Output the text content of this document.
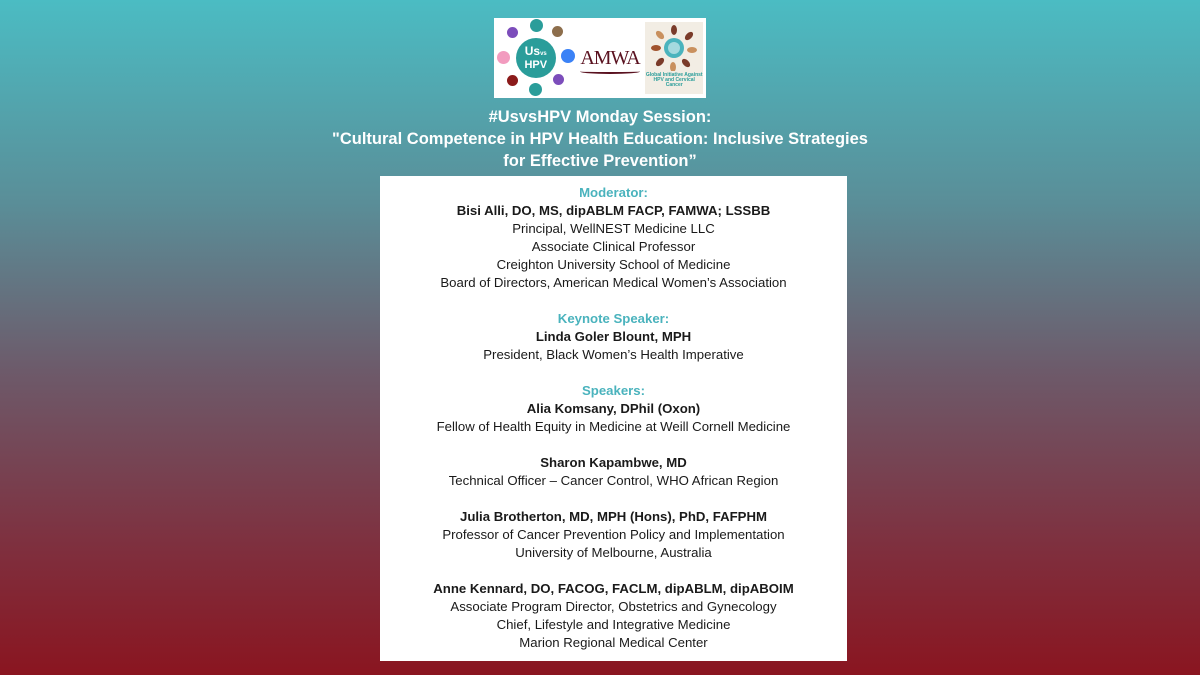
Usvs
HPV AMWA
Global Initiative Against
HPV and Cervical Cancer
#UsvsHPV Monday Session:
"Cultural Competence in HPV Health Education: Inclusive Strategies
for Effective Prevention”
Moderator:
Bisi Alli, DO, MS, dipABLM FACP, FAMWA; LSSBB
Principal, WellNEST Medicine LLC
Associate Clinical Professor
Creighton University School of Medicine
Board of Directors, American Medical Women’s Association
Keynote Speaker:
Linda Goler Blount, MPH
President, Black Women’s Health Imperative
Speakers:
Alia Komsany, DPhil (Oxon)
Fellow of Health Equity in Medicine at Weill Cornell Medicine
Sharon Kapambwe, MD
Technical Officer – Cancer Control, WHO African Region
Julia Brotherton, MD, MPH (Hons), PhD, FAFPHM
Professor of Cancer Prevention Policy and Implementation
University of Melbourne, Australia
Anne Kennard, DO, FACOG, FACLM, dipABLM, dipABOIM
Associate Program Director, Obstetrics and Gynecology
Chief, Lifestyle and Integrative Medicine
Marion Regional Medical Center
